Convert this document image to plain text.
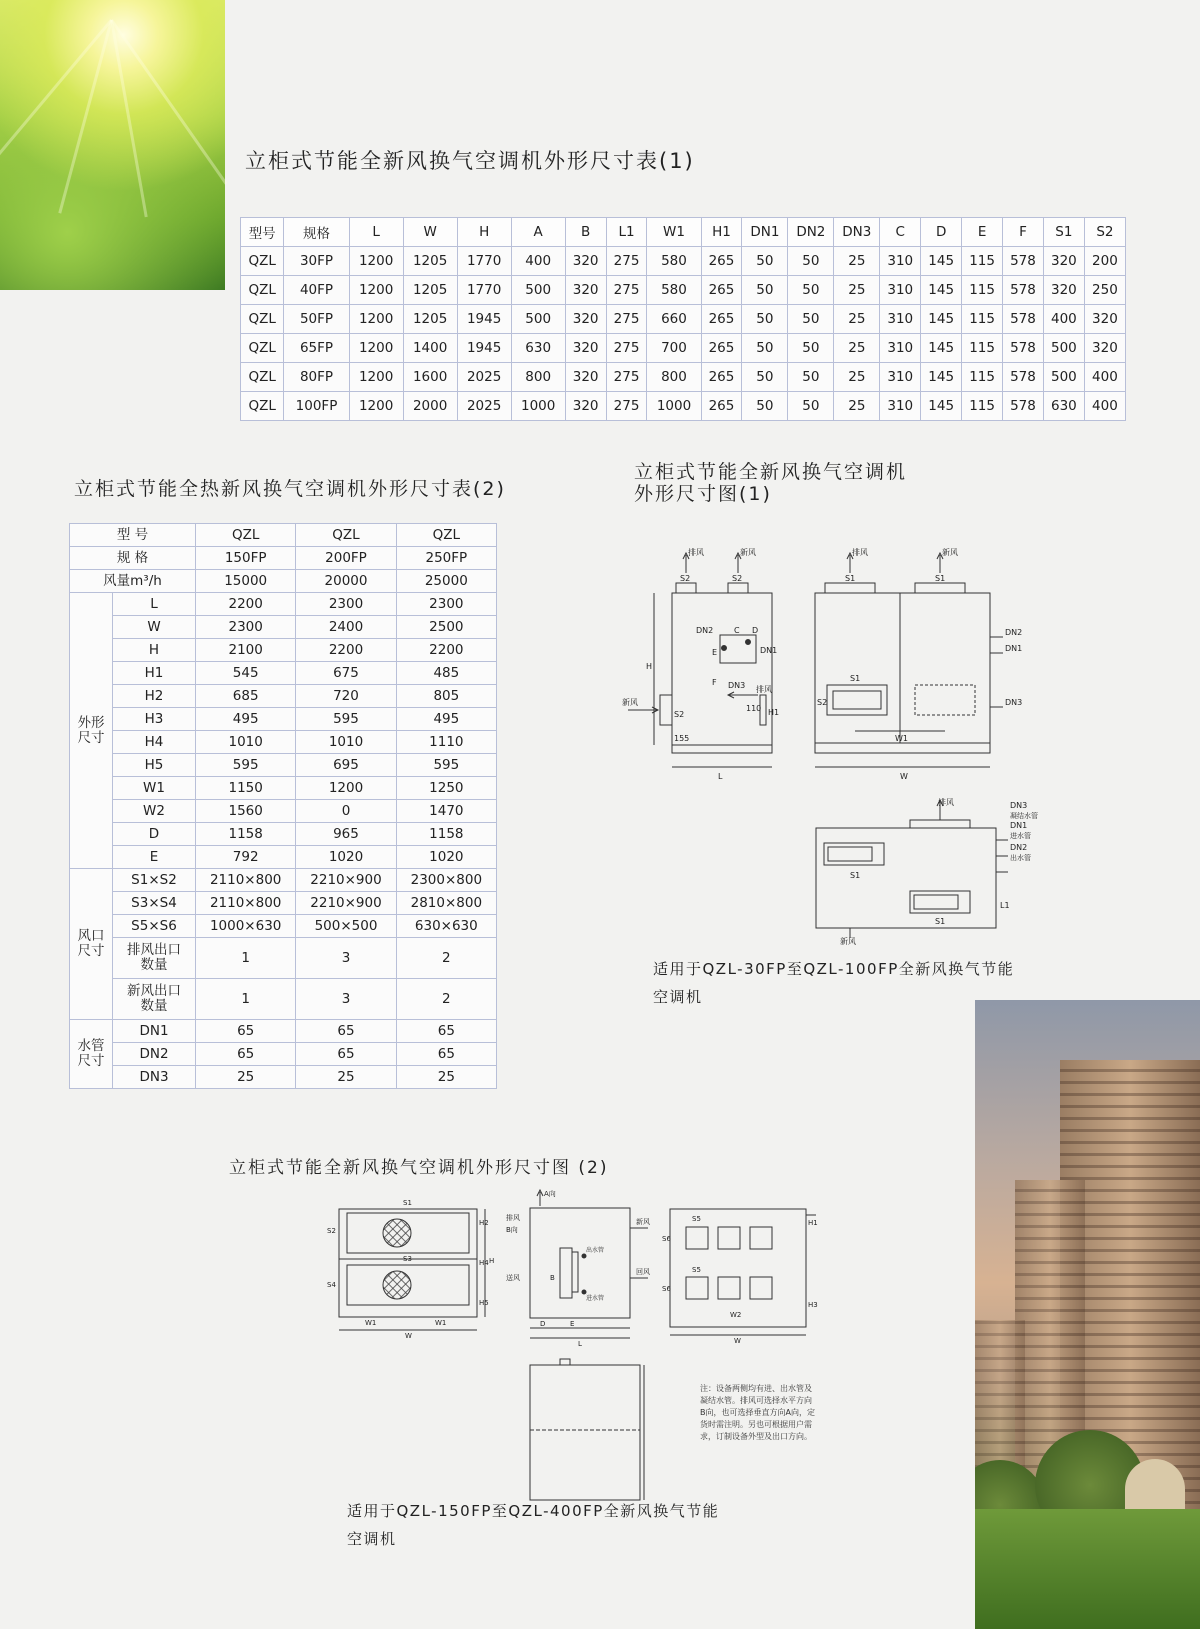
立柜式节能全新风换气空调机外形尺寸表(1)
型号	规格	L	W	H	A	B	L1	W1	H1	DN1	DN2	DN3	C	D	E	F	S1	S2
QZL	30FP	1200	1205	1770	400	320	275	580	265	50	50	25	310	145	115	578	320	200
QZL	40FP	1200	1205	1770	500	320	275	580	265	50	50	25	310	145	115	578	320	250
QZL	50FP	1200	1205	1945	500	320	275	660	265	50	50	25	310	145	115	578	400	320
QZL	65FP	1200	1400	1945	630	320	275	700	265	50	50	25	310	145	115	578	500	320
QZL	80FP	1200	1600	2025	800	320	275	800	265	50	50	25	310	145	115	578	500	400
QZL	100FP	1200	2000	2025	1000	320	275	1000	265	50	50	25	310	145	115	578	630	400
立柜式节能全热新风换气空调机外形尺寸表(2)
型 号		QZL	QZL	QZL
规 格		150FP	200FP	250FP
风量m³/h		15000	20000	25000
外形
尺寸	L	2200	2300	2300
	W	2300	2400	2500
	H	2100	2200	2200
	H1	545	675	485
	H2	685	720	805
	H3	495	595	495
	H4	1010	1010	1110
	H5	595	695	595
	W1	1150	1200	1250
	W2	1560	0	1470
	D	1158	965	1158
	E	792	1020	1020
风口
尺寸	S1×S2	2110×800	2210×900	2300×800
	S3×S4	2110×800	2210×900	2810×800
	S5×S6	1000×630	500×500	630×630
	排风出口
数量	1	3	2
	新风出口
数量	1	3	2
水管
尺寸	DN1	65	65	65
	DN2	65	65	65
	DN3	25	25	25
立柜式节能全新风换气空调机
外形尺寸图(1)
排风	新风
S2	S2
H
L
DN2	C D
DN1
E
F DN3
新风
排风
H1
S2
155
110
排风	新风
S1	S1
S1
S2
W1
W
DN2
DN1
DN3
排风
S1
S1
新风
DN3
凝结水管
DN1
进水管
DN2
出水管
L1

适用于QZL-30FP至QZL-100FP全新风换气节能
空调机

立柜式节能全新风换气空调机外形尺寸图 (2)
S1
S2
S3
S4
W1	W1
W
H2
H4
H5
H
A向
排风
B向
送风
新风
回风
出水管
进水管
B
D	E
L
S5
S5
S6
S6
W2
W
H1
H3

注：设备两侧均有进、出水管及凝结水管。排风可选择水平方向B向，也可选择垂直方向A向，定货时需注明。另也可根据用户需求，订制设备外型及出口方向。

适用于QZL-150FP至QZL-400FP全新风换气节能
空调机
